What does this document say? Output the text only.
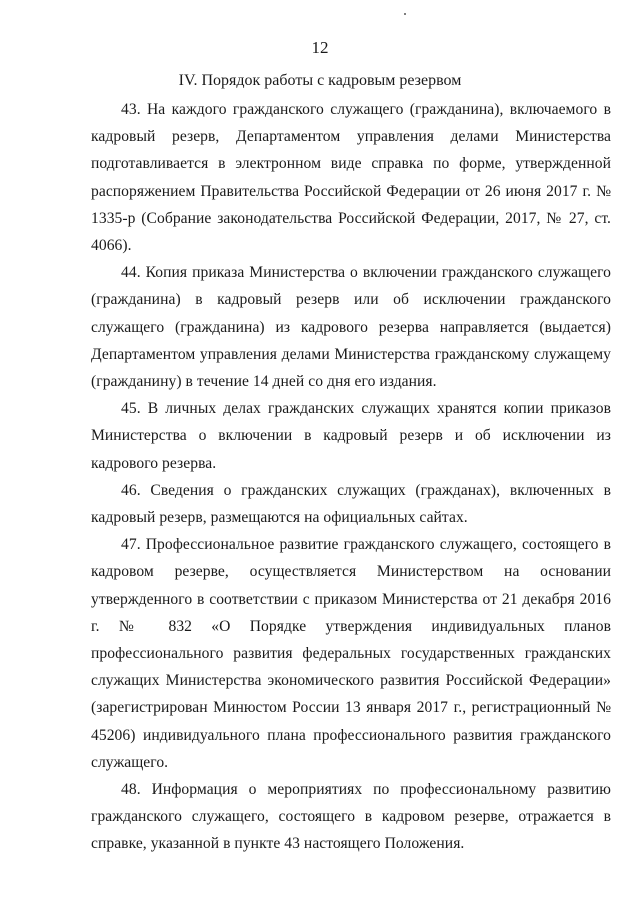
12
IV. Порядок работы с кадровым резервом

43. На каждого гражданского служащего (гражданина), включаемого в кадровый резерв, Департаментом управления делами Министерства подготавливается в электронном виде справка по форме, утвержденной распоряжением Правительства Российской Федерации от 26 июня 2017 г. № 1335-р (Собрание законодательства Российской Федерации, 2017, № 27, ст. 4066).

44. Копия приказа Министерства о включении гражданского служащего (гражданина) в кадровый резерв или об исключении гражданского служащего (гражданина) из кадрового резерва направляется (выдается) Департаментом управления делами Министерства гражданскому служащему (гражданину) в течение 14 дней со дня его издания.

45. В личных делах гражданских служащих хранятся копии приказов Министерства о включении в кадровый резерв и об исключении из кадрового резерва.

46. Сведения о гражданских служащих (гражданах), включенных в кадровый резерв, размещаются на официальных сайтах.

47. Профессиональное развитие гражданского служащего, состоящего в кадровом резерве, осуществляется Министерством на основании утвержденного в соответствии с приказом Министерства от 21 декабря 2016 г. № 832 «О Порядке утверждения индивидуальных планов профессионального развития федеральных государственных гражданских служащих Министерства экономического развития Российской Федерации» (зарегистрирован Минюстом России 13 января 2017 г., регистрационный № 45206) индивидуального плана профессионального развития гражданского служащего.

48. Информация о мероприятиях по профессиональному развитию гражданского служащего, состоящего в кадровом резерве, отражается в справке, указанной в пункте 43 настоящего Положения.
